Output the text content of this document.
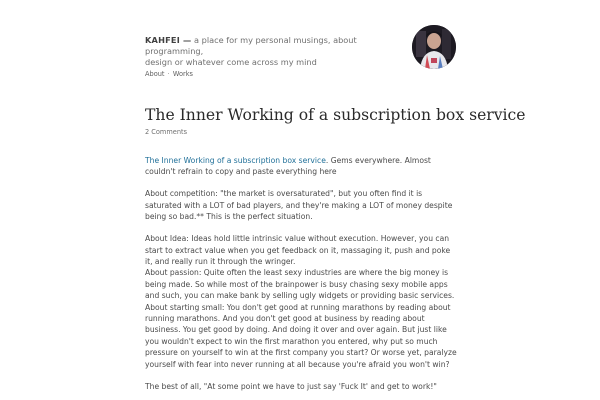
KAHFEI — a place for my personal musings, about programming,

design or whatever come across my mind

About · Works
The Inner Working of a subscription box service
2 Comments

The Inner Working of a subscription box service. Gems everywhere. Almost couldn't refrain to copy and paste everything here

About competition: "the market is oversaturated", but you often find it is saturated with a LOT of bad players, and they're making a LOT of money despite being so bad.** This is the perfect situation.

About Idea: Ideas hold little intrinsic value without execution. However, you can start to extract value when you get feedback on it, massaging it, push and poke it, and really run it through the wringer.

About passion: Quite often the least sexy industries are where the big money is being made. So while most of the brainpower is busy chasing sexy mobile apps and such, you can make bank by selling ugly widgets or providing basic services.

About starting small: You don't get good at running marathons by reading about running marathons. And you don't get good at business by reading about business. You get good by doing. And doing it over and over again. But just like you wouldn't expect to win the first marathon you entered, why put so much pressure on yourself to win at the first company you start? Or worse yet, paralyze yourself with fear into never running at all because you're afraid you won't win?

The best of all, "At some point we have to just say 'Fuck It' and get to work!"
